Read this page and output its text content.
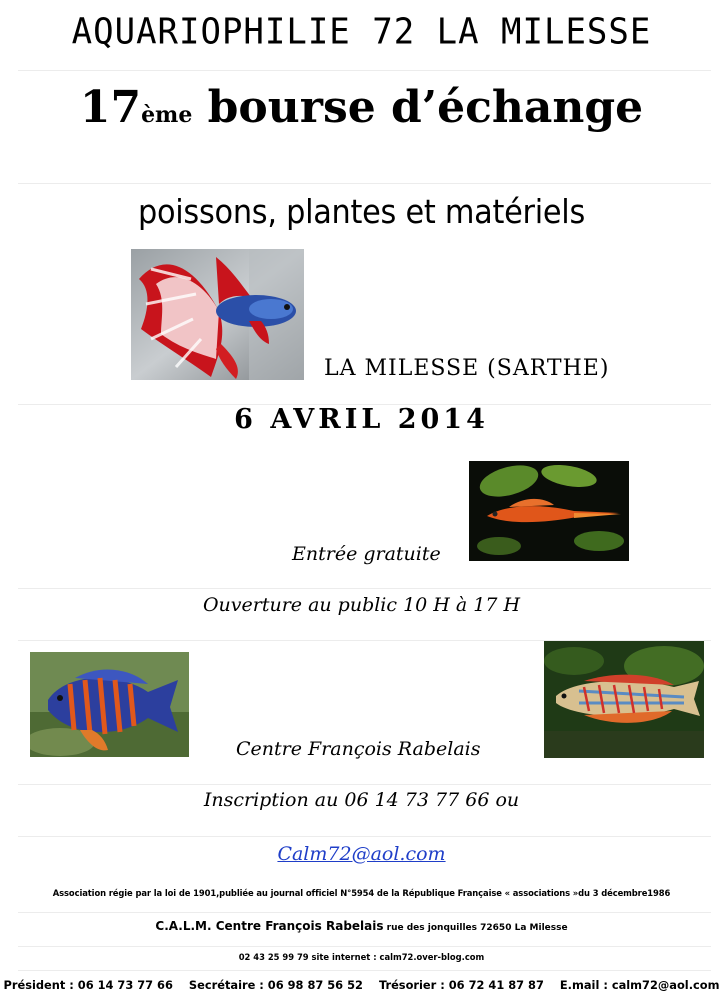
AQUARIOPHILIE 72 LA MILESSE
17ème bourse d’échange
poissons, plantes et matériels
LA MILESSE (SARTHE)
6 AVRIL 2014
Entrée gratuite
Ouverture au public 10 H à 17 H
Centre François Rabelais
Inscription au 06 14 73 77 66 ou
Calm72@aol.com
Association régie par la loi de 1901,publiée au journal officiel N°5954 de la République Française « associations »du 3 décembre1986
C.A.L.M. Centre François Rabelais rue des jonquilles 72650 La Milesse
02 43 25 99 79 site internet : calm72.over-blog.com
Président : 06 14 73 77 66 Secrétaire : 06 98 87 56 52 Trésorier : 06 72 41 87 87 E.mail : calm72@aol.com
